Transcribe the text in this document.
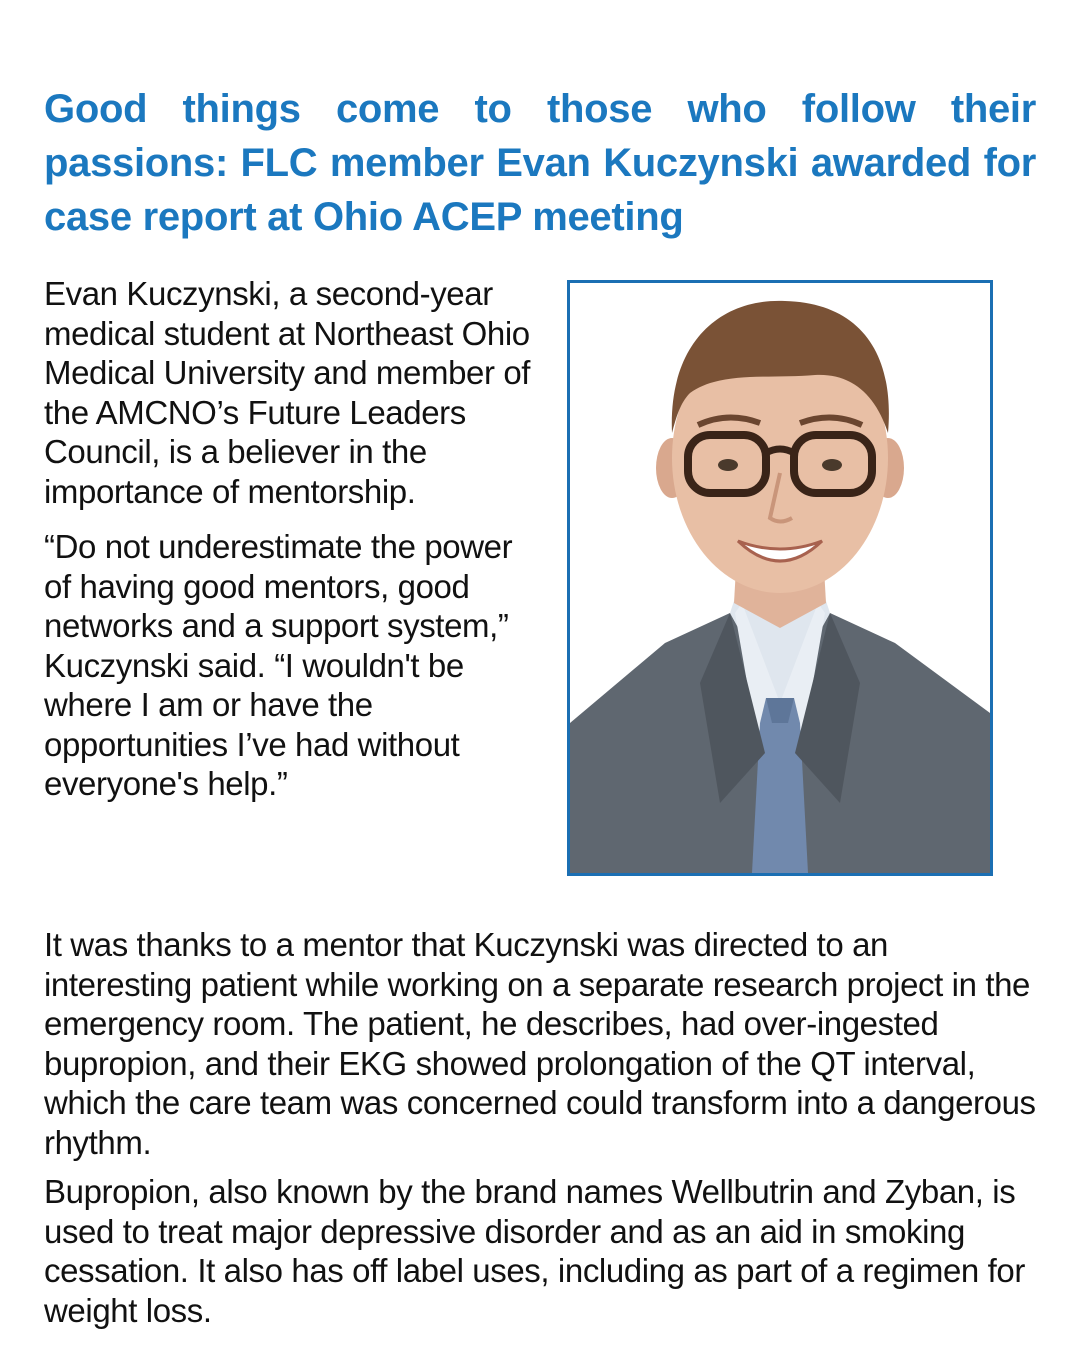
Good things come to those who follow their passions: FLC member Evan Kuczynski awarded for case report at Ohio ACEP meeting

Evan Kuczynski, a second-year medical student at Northeast Ohio Medical University and member of the AMCNO’s Future Leaders Council, is a believer in the importance of mentorship.

“Do not underestimate the power of having good mentors, good networks and a support system,” Kuczynski said. “I wouldn't be where I am or have the opportunities I’ve had without everyone's help.”

It was thanks to a mentor that Kuczynski was directed to an interesting patient while working on a separate research project in the emergency room. The patient, he describes, had over-ingested bupropion, and their EKG showed prolongation of the QT interval, which the care team was concerned could transform into a dangerous rhythm.

Bupropion, also known by the brand names Wellbutrin and Zyban, is used to treat major depressive disorder and as an aid in smoking cessation. It also has off label uses, including as part of a regimen for weight loss.
